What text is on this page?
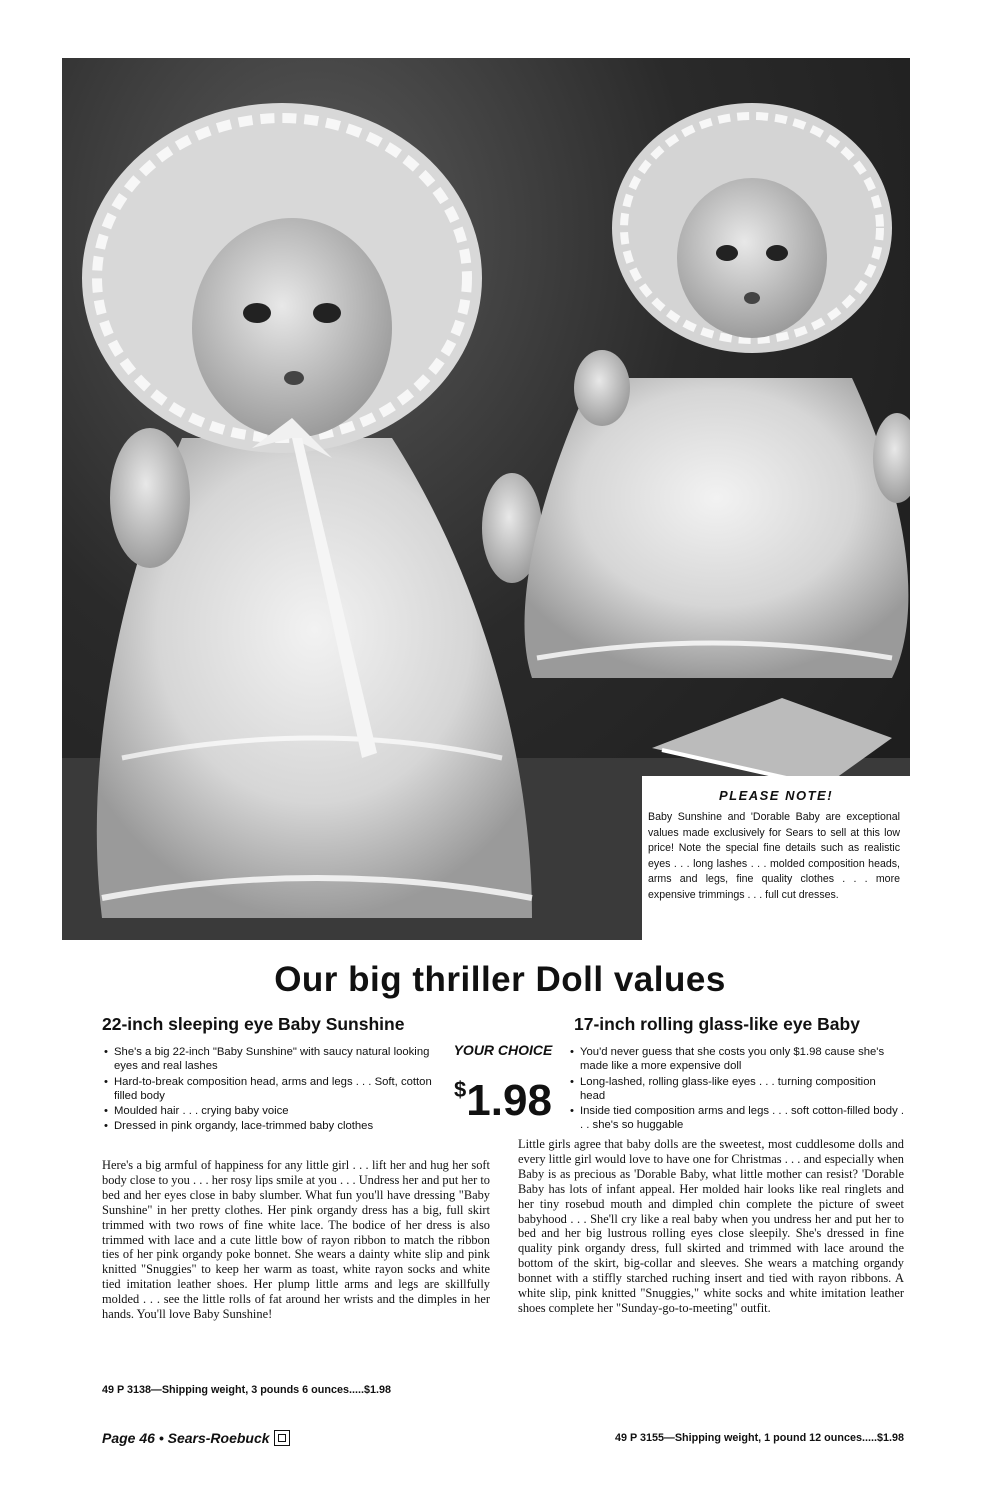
PLEASE NOTE!
Baby Sunshine and 'Dorable Baby are exceptional values made exclusively for Sears to sell at this low price! Note the special fine details such as realistic eyes . . . long lashes . . . molded composition heads, arms and legs, fine quality clothes . . . more expensive trimmings . . . full cut dresses.
Our big thriller Doll values
22-inch sleeping eye Baby Sunshine	17-inch rolling glass-like eye Baby
• She's a big 22-inch "Baby Sunshine" with saucy natural looking eyes and real lashes
• Hard-to-break composition head, arms and legs . . . Soft, cotton filled body
• Moulded hair . . . crying baby voice
• Dressed in pink organdy, lace-trimmed baby clothes
YOUR CHOICE
$1.98
• You'd never guess that she costs you only $1.98 cause she's made like a more expensive doll
• Long-lashed, rolling glass-like eyes . . . turning composition head
• Inside tied composition arms and legs . . . soft cotton-filled body . . . she's so huggable
Here's a big armful of happiness for any little girl . . . lift her and hug her soft body close to you . . . her rosy lips smile at you . . . Undress her and put her to bed and her eyes close in baby slumber. What fun you'll have dressing "Baby Sunshine" in her pretty clothes. Her pink organdy dress has a big, full skirt trimmed with two rows of fine white lace. The bodice of her dress is also trimmed with lace and a cute little bow of rayon ribbon to match the ribbon ties of her pink organdy poke bonnet. She wears a dainty white slip and pink knitted "Snuggies" to keep her warm as toast, white rayon socks and white tied imitation leather shoes. Her plump little arms and legs are skillfully molded . . . see the little rolls of fat around her wrists and the dimples in her hands. You'll love Baby Sunshine!
Little girls agree that baby dolls are the sweetest, most cuddlesome dolls and every little girl would love to have one for Christmas . . . and especially when Baby is as precious as 'Dorable Baby, what little mother can resist? 'Dorable Baby has lots of infant appeal. Her molded hair looks like real ringlets and her tiny rosebud mouth and dimpled chin complete the picture of sweet babyhood . . . She'll cry like a real baby when you undress her and put her to bed and her big lustrous rolling eyes close sleepily. She's dressed in fine quality pink organdy dress, full skirted and trimmed with lace around the bottom of the skirt, big-collar and sleeves. She wears a matching organdy bonnet with a stiffly starched ruching insert and tied with rayon ribbons. A white slip, pink knitted "Snuggies," white socks and white imitation leather shoes complete her "Sunday-go-to-meeting" outfit.
49 P 3138—Shipping weight, 3 pounds 6 ounces.....$1.98
49 P 3155—Shipping weight, 1 pound 12 ounces.....$1.98
Page 46 • Sears-Roebuck
